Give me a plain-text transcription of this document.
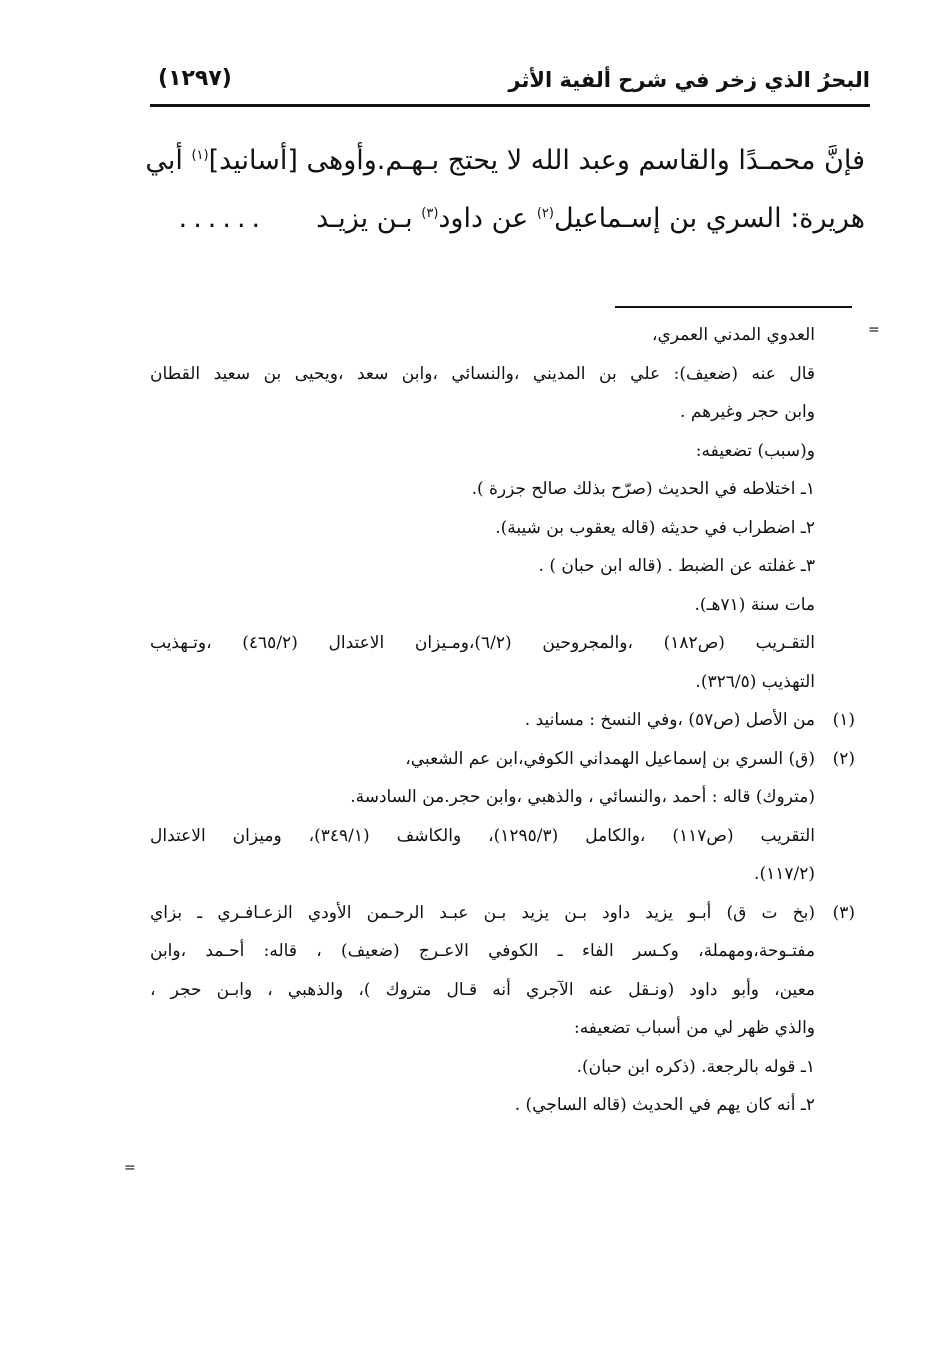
البحرُ الذي زخر في شرح ألفية الأثر
(١٢٩٧)
فإنَّ محمـدًا والقاسم وعبد الله لا يحتج بـهـم.وأوهى [أسانيد]$^{(١)}$ أبي
هريرة: السري بن إسـماعيل$^{(٢)}$ عن داود$^{(٣)}$ بـن يزيـد......
=
=
العدوي المدني العمري،
قال عنه (ضعيف): علي بن المديني ،والنسائي ،وابن سعد ،ويحيى بن سعيد القطان
وابن حجر وغيرهم .
و(سبب) تضعيفه:
١ـ اختلاطه في الحديث (صرّح بذلك صالح جزرة ).
٢ـ اضطراب في حديثه (قاله يعقوب بن شيبة).
٣ـ غفلته عن الضبط . (قاله ابن حبان ) .
مات سنة (٧١هـ).
التقـريب (ص١٨٢) ،والمجروحين (٦/٢)،ومـيزان الاعتدال (٤٦٥/٢) ،وتـهذيب
التهذيب (٣٢٦/٥).
(١)من الأصل (ص٥٧) ،وفي النسخ : مسانيد .
(٢)(ق) السري بن إسماعيل الهمداني الكوفي،ابن عم الشعبي،
(متروك) قاله : أحمد ،والنسائي ، والذهبي ،وابن حجر.من السادسة.
التقريب (ص١١٧) ،والكامل (١٢٩٥/٣)، والكاشف (٣٤٩/١)، وميزان الاعتدال
(١١٧/٢).
(٣)(بخ ت ق) أبـو يزيد داود بـن يزيد بـن عبـد الرحـمن الأودي الزعـافـري ـ بزاي
مفتـوحة،ومهملة، وكـسر الفاء ـ الكوفي الاعـرج (ضعيف) ، قاله: أحـمد ،وابن
معين، وأبو داود (ونـقل عنه الآجري أنه قـال متروك )، والذهبي ، وابـن حجر ،
والذي ظهر لي من أسباب تضعيفه:
١ـ قوله بالرجعة. (ذكره ابن حبان).
٢ـ أنه كان يهم في الحديث (قاله الساجي) .
